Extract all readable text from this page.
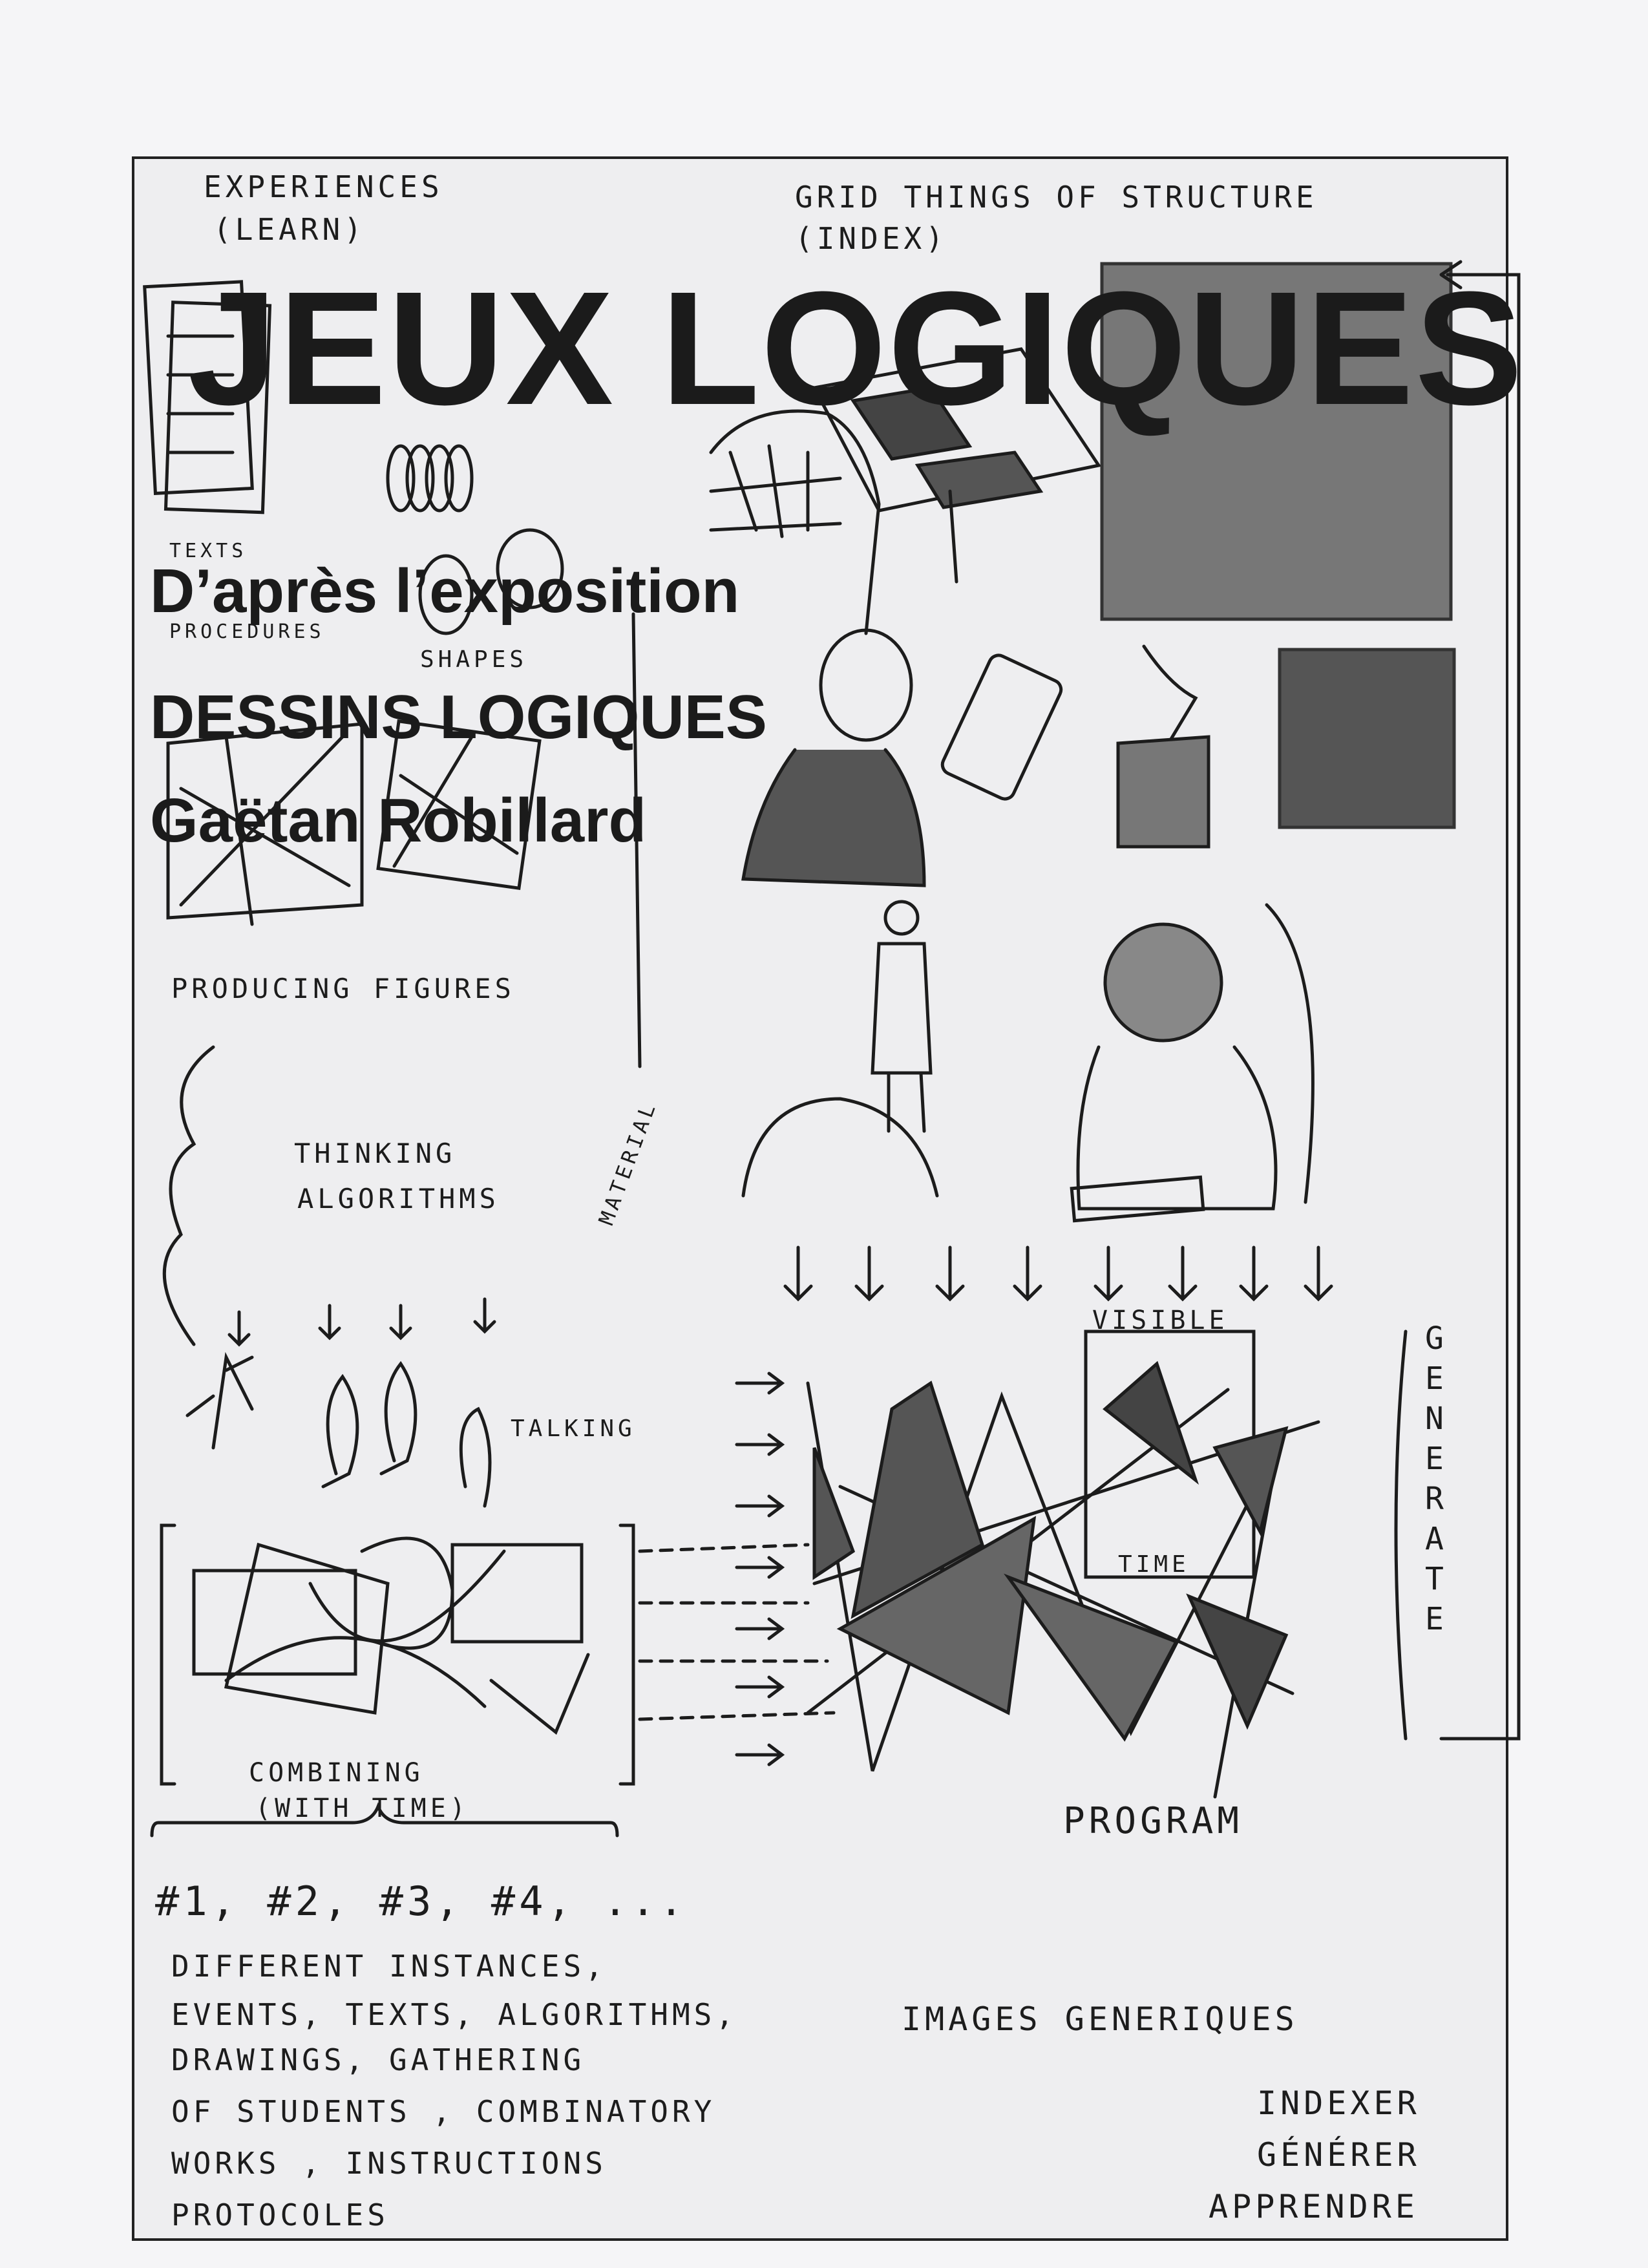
JEUX LOGIQUES
D’après l’exposition
DESSINS LOGIQUES
Gaëtan Robillard
EXPERIENCES
(LEARN)
GRID THINGS OF STRUCTURE
(INDEX)
TEXTS
PROCEDURES
SHAPES
PRODUCING FIGURES
THINKING
ALGORITHMS	MATERIAL
TALKING
VISIBLE
TIME
GENERATE
COMBINING
(WITH TIME)	PROGRAM
#1, #2, #3, #4, ...
DIFFERENT INSTANCES,
EVENTS, TEXTS, ALGORITHMS,
DRAWINGS, GATHERING
OF STUDENTS , COMBINATORY
WORKS , INSTRUCTIONS
PROTOCOLES
IMAGES GENERIQUES
INDEXER
GÉNÉRER
APPRENDRE
